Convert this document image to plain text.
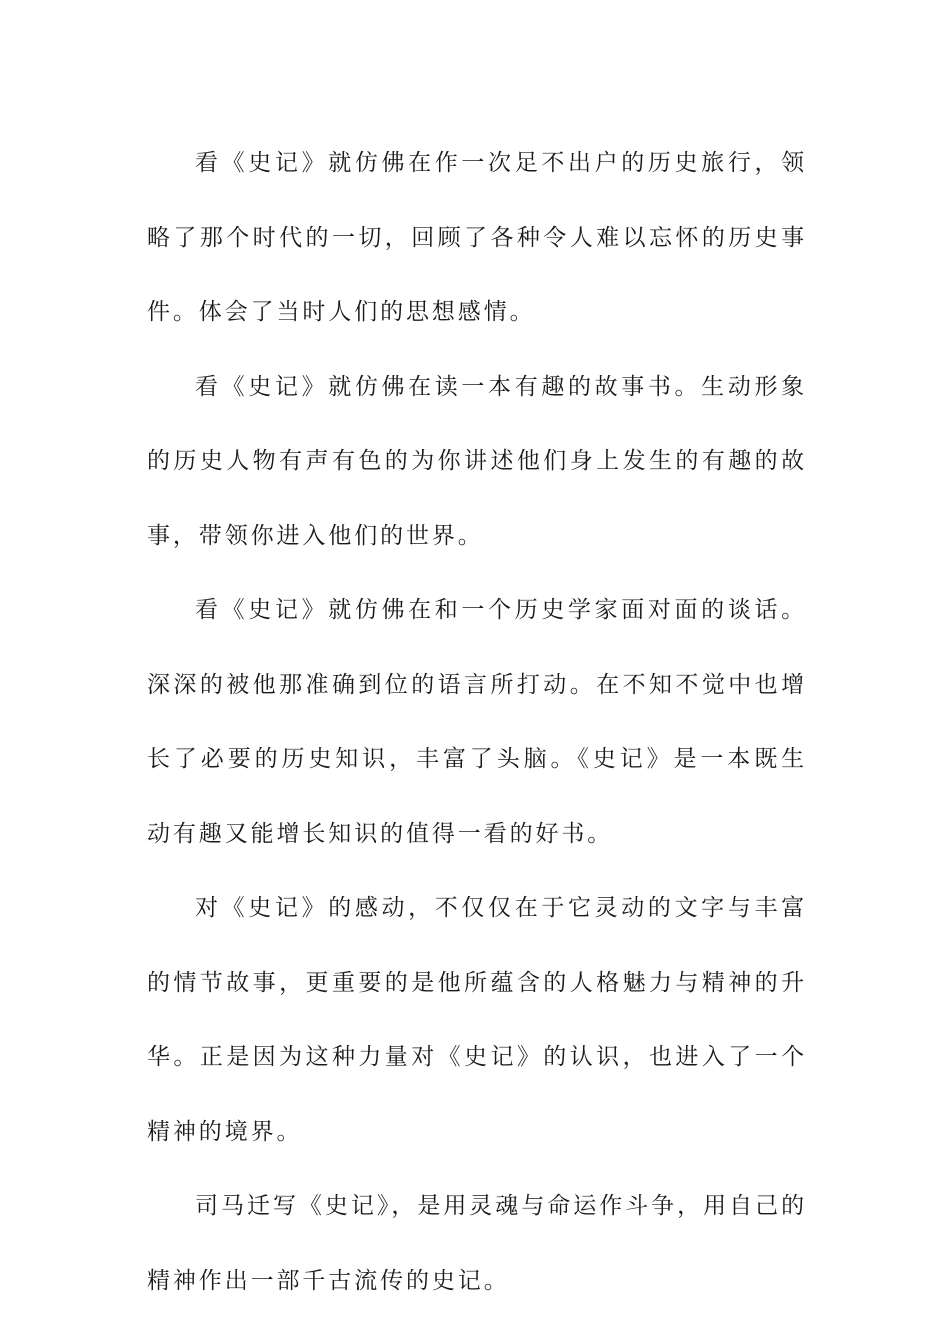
看《史记》就仿佛在作一次足不出户的历史旅行，领略了那个时代的一切，回顾了各种令人难以忘怀的历史事件。体会了当时人们的思想感情。

看《史记》就仿佛在读一本有趣的故事书。生动形象的历史人物有声有色的为你讲述他们身上发生的有趣的故事，带领你进入他们的世界。

看《史记》就仿佛在和一个历史学家面对面的谈话。深深的被他那准确到位的语言所打动。在不知不觉中也增长了必要的历史知识，丰富了头脑。《史记》是一本既生动有趣又能增长知识的值得一看的好书。

对《史记》的感动，不仅仅在于它灵动的文字与丰富的情节故事，更重要的是他所蕴含的人格魅力与精神的升华。正是因为这种力量对《史记》的认识，也进入了一个精神的境界。

司马迁写《史记》，是用灵魂与命运作斗争，用自己的精神作出一部千古流传的史记。
